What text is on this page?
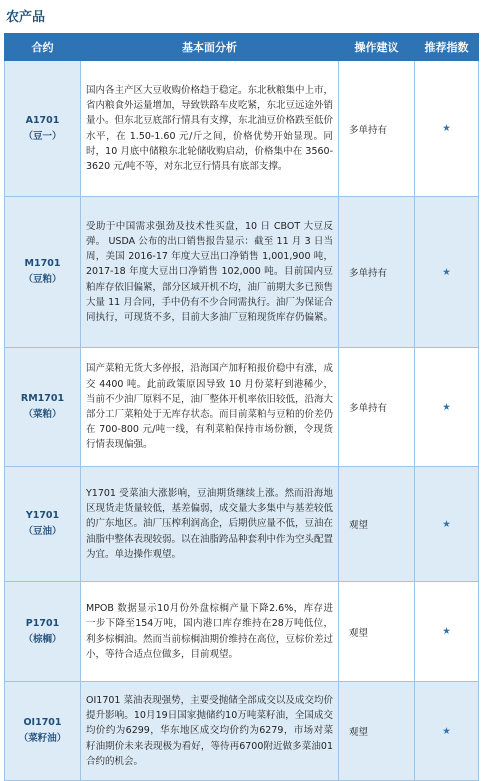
农产品
合约	基本面分析	操作建议	推荐指数

A1701
（豆一）	国内各主产区大豆收购价格趋于稳定。东北秋粮集中上市，省内粮食外运量增加，导致铁路车皮吃紧，东北豆远途外销量小。但东北豆底部行情具有支撑，东北油豆价格跌至低价水平，在 1.50-1.60 元/斤之间，价格优势开始显现。同时，10 月底中储粮东北轮储收购启动，价格集中在 3560-3620 元/吨不等，对东北豆行情具有底部支撑。	多单持有	★

M1701
（豆粕）	受助于中国需求强劲及技术性买盘，10 日 CBOT 大豆反弹。 USDA 公布的出口销售报告显示：截至 11 月 3 日当周，美国 2016-17 年度大豆出口净销售 1,001,900 吨，2017-18 年度大豆出口净销售 102,000 吨。目前国内豆粕库存依旧偏紧，部分区域开机不均，油厂前期大多已预售大量 11 月合同，手中仍有不少合同需执行。油厂为保证合同执行，可现货不多，目前大多油厂豆粕现货库存仍偏紧。	多单持有	★

RM1701
（菜粕）	国产菜粕无货大多停报，沿海国产加籽粕报价稳中有涨，成交 4400 吨。此前政策原因导致 10 月份菜籽到港稀少，当前不少油厂原料不足，油厂整体开机率依旧较低，沿海大部分工厂菜粕处于无库存状态。而目前菜粕与豆粕的价差仍在 700-800 元/吨一线，有利菜粕保持市场份额，令现货行情表现偏强。	多单持有	★

Y1701
（豆油）	Y1701 受菜油大涨影响，豆油期货继续上涨。然而沿海地区现货走货量较低，基差偏弱，成交量大多集中与基差较低的广东地区。油厂压榨利润高企，后期供应量不低，豆油在油脂中整体表现较弱。以在油脂跨品种套利中作为空头配置为宜。单边操作观望。	观望	★

P1701
（棕榈）	MPOB 数据显示10月份外盘棕榈产量下降2.6%，库存进一步下降至154万吨，国内港口库存维持在28万吨低位，利多棕榈油。然而当前棕榈油期价维持在高位，豆棕价差过小，等待合适点位做多，目前观望。	观望	★

OI1701
（菜籽油）	OI1701 菜油表现强势，主要受抛储全部成交以及成交均价提升影响。10月19日国家抛储约10万吨菜籽油，全国成交均价约为6299，华东地区成交均价约为6279，市场对菜籽油期价未来表现极为看好，等待再6700附近做多菜油01合约的机会。	观望	★
